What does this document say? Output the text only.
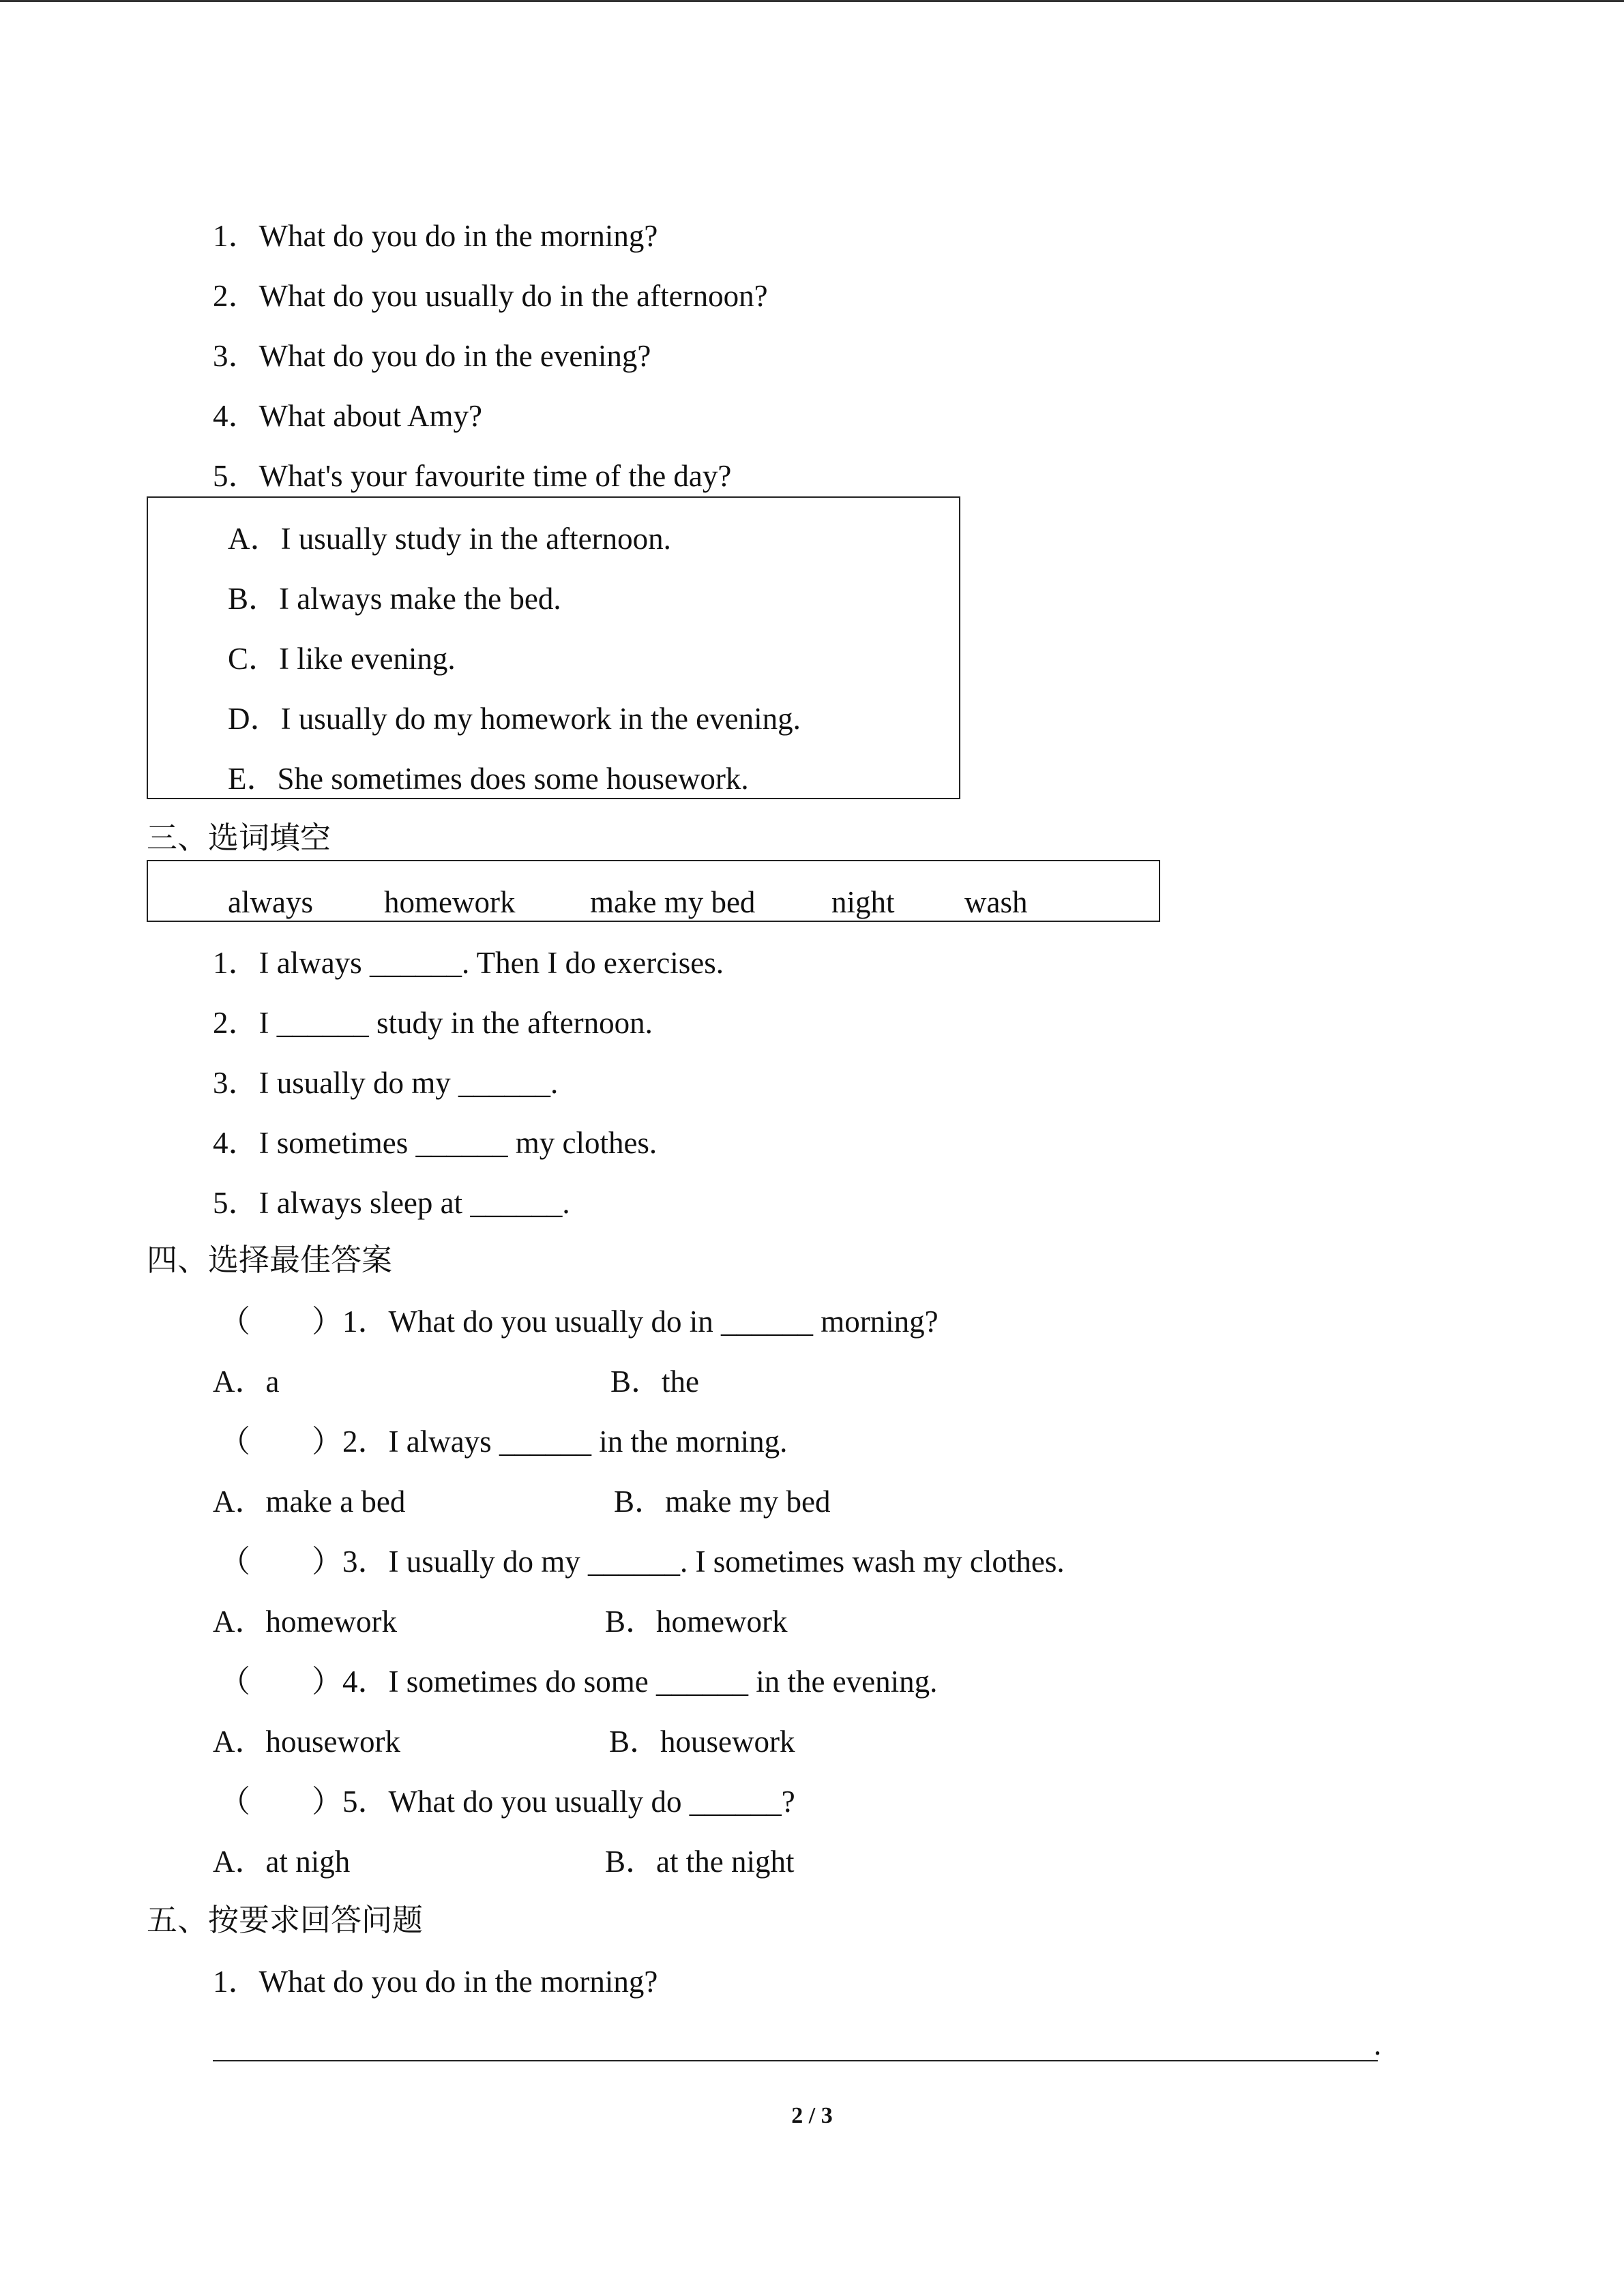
1．What do you do in the morning?
2．What do you usually do in the afternoon?
3．What do you do in the evening?
4．What about Amy?
5．What's your favourite time of the day?
A．I usually study in the afternoon.
B．I always make the bed.
C．I like evening.
D．I usually do my homework in the evening.
E．She sometimes does some housework.
三、选词填空
always homework make my bed night wash
1．I always ______. Then I do exercises.
2．I ______ study in the afternoon.
3．I usually do my ______.
4．I sometimes ______ my clothes.
5．I always sleep at ______.
四、选择最佳答案
（　　）1．What do you usually do in ______ morning?
A．a	B．the
（　　）2．I always ______ in the morning.
A．make a bed	B．make my bed
（　　）3．I usually do my ______. I sometimes wash my clothes.
A．homework	B．homework
（　　）4．I sometimes do some ______ in the evening.
A．housework	B．housework
（　　）5．What do you usually do ______?
A．at nigh	B．at the night
五、按要求回答问题
1．What do you do in the morning?
.
2 / 3
